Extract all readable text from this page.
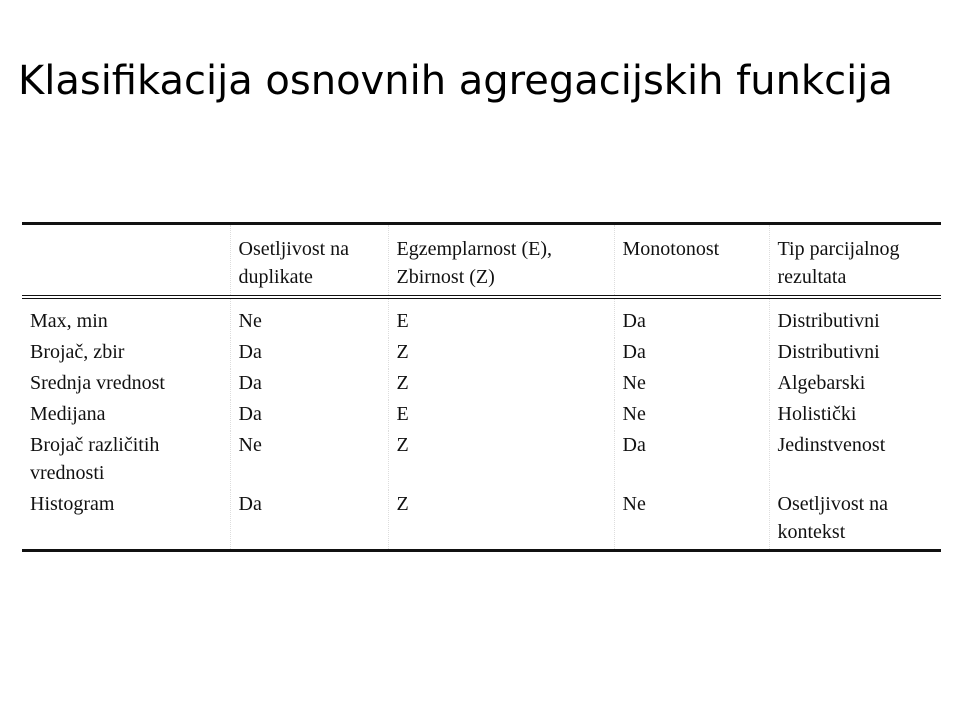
Klasifikacija osnovnih agregacijskih funkcija
	Osetljivost na duplikate	Egzemplarnost (E), Zbirnost (Z)	Monotonost	Tip parcijalnog rezultata
Max, min	Ne	E	Da	Distributivni
Brojač, zbir	Da	Z	Da	Distributivni
Srednja vrednost	Da	Z	Ne	Algebarski
Medijana	Da	E	Ne	Holistički
Brojač različitih vrednosti	Ne	Z	Da	Jedinstvenost
Histogram	Da	Z	Ne	Osetljivost na kontekst
